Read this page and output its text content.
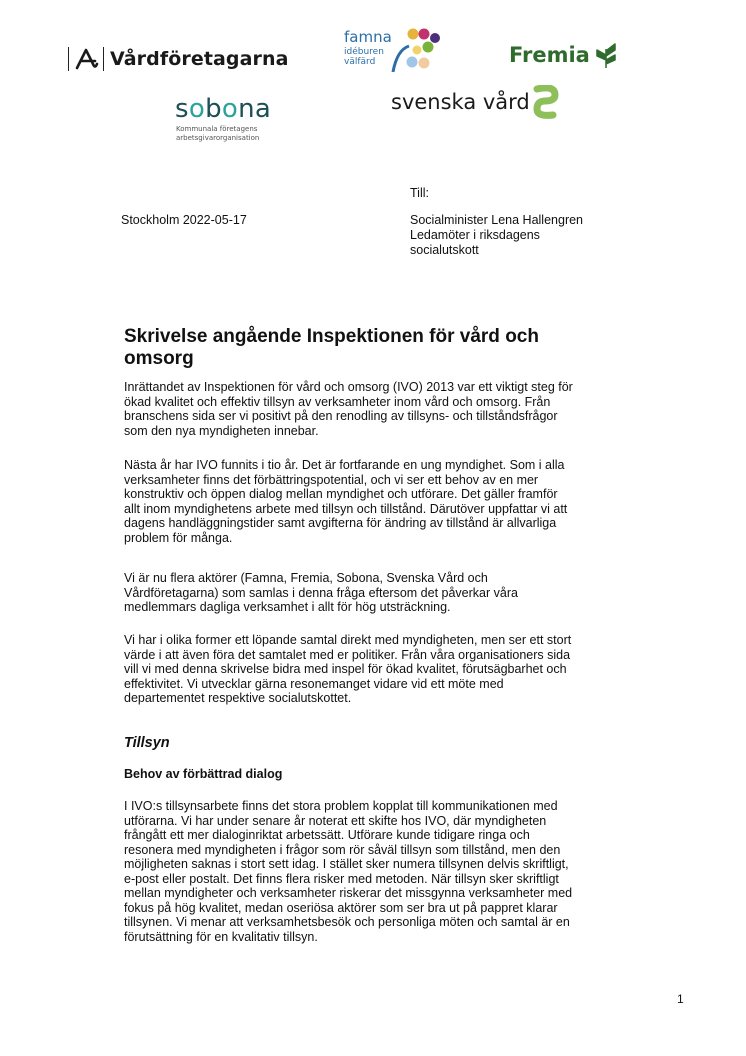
Vårdföretagarna
famna
idéburen
välfärd	Fremia
sobona
Kommunala företagens
arbetsgivarorganisation
svenska vård
Till:
Stockholm 2022-05-17	Socialminister Lena Hallengren
Ledamöter i riksdagens
socialutskott
Skrivelse angående Inspektionen för vård och
omsorg
Inrättandet av Inspektionen för vård och omsorg (IVO) 2013 var ett viktigt steg för
ökad kvalitet och effektiv tillsyn av verksamheter inom vård och omsorg. Från
branschens sida ser vi positivt på den renodling av tillsyns- och tillståndsfrågor
som den nya myndigheten innebar.
Nästa år har IVO funnits i tio år. Det är fortfarande en ung myndighet. Som i alla
verksamheter finns det förbättringspotential, och vi ser ett behov av en mer
konstruktiv och öppen dialog mellan myndighet och utförare. Det gäller framför
allt inom myndighetens arbete med tillsyn och tillstånd. Därutöver uppfattar vi att
dagens handläggningstider samt avgifterna för ändring av tillstånd är allvarliga
problem för många.
Vi är nu flera aktörer (Famna, Fremia, Sobona, Svenska Vård och
Vårdföretagarna) som samlas i denna fråga eftersom det påverkar våra
medlemmars dagliga verksamhet i allt för hög utsträckning.
Vi har i olika former ett löpande samtal direkt med myndigheten, men ser ett stort
värde i att även föra det samtalet med er politiker. Från våra organisationers sida
vill vi med denna skrivelse bidra med inspel för ökad kvalitet, förutsägbarhet och
effektivitet. Vi utvecklar gärna resonemanget vidare vid ett möte med
departementet respektive socialutskottet.
Tillsyn
Behov av förbättrad dialog
I IVO:s tillsynsarbete finns det stora problem kopplat till kommunikationen med
utförarna. Vi har under senare år noterat ett skifte hos IVO, där myndigheten
frångått ett mer dialoginriktat arbetssätt. Utförare kunde tidigare ringa och
resonera med myndigheten i frågor som rör såväl tillsyn som tillstånd, men den
möjligheten saknas i stort sett idag. I stället sker numera tillsynen delvis skriftligt,
e-post eller postalt. Det finns flera risker med metoden. När tillsyn sker skriftligt
mellan myndigheter och verksamheter riskerar det missgynna verksamheter med
fokus på hög kvalitet, medan oseriösa aktörer som ser bra ut på pappret klarar
tillsynen. Vi menar att verksamhetsbesök och personliga möten och samtal är en
förutsättning för en kvalitativ tillsyn.
1
